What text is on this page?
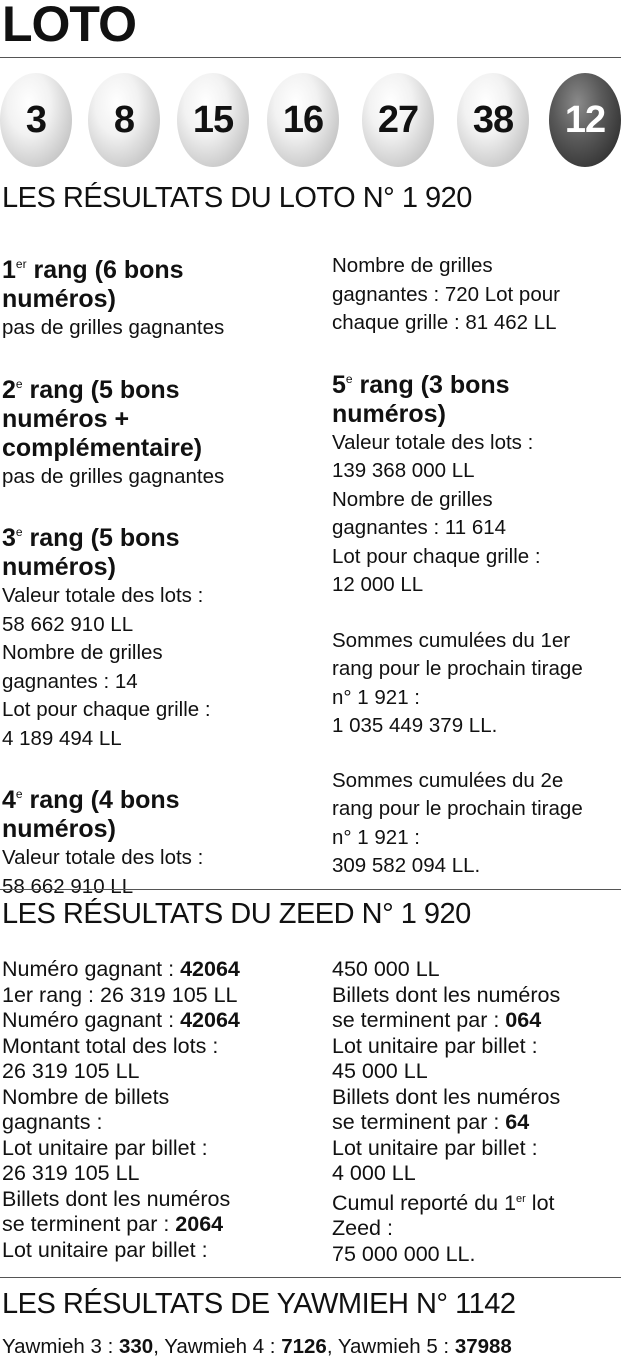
LOTO
3	8	15	16	27	38	12
LES RÉSULTATS DU LOTO N° 1 920

1er rang (6 bons

numéros)

pas de grilles gagnantes

2e rang (5 bons

numéros +

complémentaire)

pas de grilles gagnantes

3e rang (5 bons

numéros)

Valeur totale des lots :

58 662 910 LL

Nombre de grilles

gagnantes : 14

Lot pour chaque grille :

4 189 494 LL

4e rang (4 bons

numéros)

Valeur totale des lots :

58 662 910 LL

Nombre de grilles

gagnantes : 720 Lot pour

chaque grille : 81 462 LL

5e rang (3 bons

numéros)

Valeur totale des lots :

139 368 000 LL

Nombre de grilles

gagnantes : 11 614

Lot pour chaque grille :

12 000 LL

Sommes cumulées du 1er

rang pour le prochain tirage

n° 1 921 :

1 035 449 379 LL.

Sommes cumulées du 2e

rang pour le prochain tirage

n° 1 921 :

309 582 094 LL.

LES RÉSULTATS DU ZEED N° 1 920

Numéro gagnant : 42064

1er rang : 26 319 105 LL

Numéro gagnant : 42064

Montant total des lots :

26 319 105 LL

Nombre de billets

gagnants :

Lot unitaire par billet :

26 319 105 LL

Billets dont les numéros

se terminent par : 2064

Lot unitaire par billet :

450 000 LL

Billets dont les numéros

se terminent par : 064

Lot unitaire par billet :

45 000 LL

Billets dont les numéros

se terminent par : 64

Lot unitaire par billet :

4 000 LL

Cumul reporté du 1er lot

Zeed :

75 000 000 LL.

LES RÉSULTATS DE YAWMIEH N° 1142

Yawmieh 3 : 330, Yawmieh 4 : 7126, Yawmieh 5 : 37988
